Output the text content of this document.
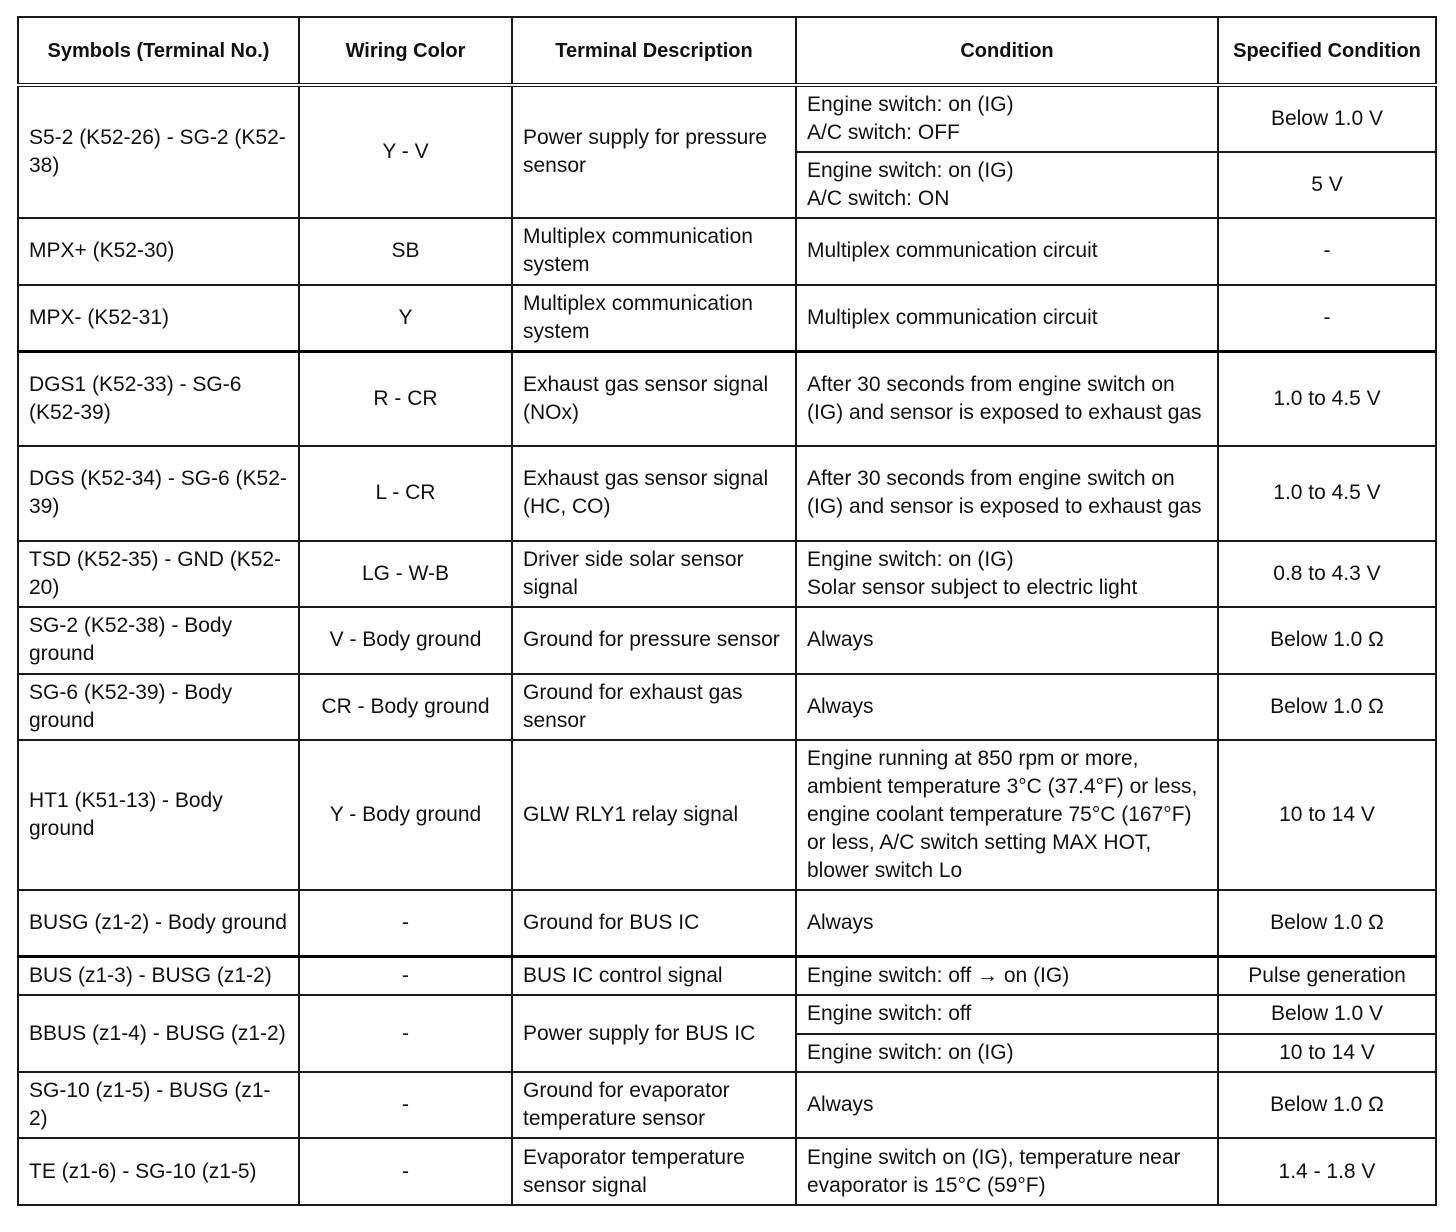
Symbols (Terminal No.)	Wiring Color	Terminal Description	Condition	Specified Condition
S5-2 (K52-26) - SG-2 (K52-38)	Y - V	Power supply for pressure sensor	Engine switch: on (IG)
A/C switch: OFF	Below 1.0 V

			Engine switch: on (IG)
A/C switch: ON	5 V
MPX+ (K52-30)	SB	Multiplex communication system	Multiplex communication circuit	-
MPX- (K52-31)	Y	Multiplex communication system	Multiplex communication circuit	-
DGS1 (K52-33) - SG-6 (K52-39)	R - CR	Exhaust gas sensor signal (NOx)	After 30 seconds from engine switch on (IG) and sensor is exposed to exhaust gas	1.0 to 4.5 V
DGS (K52-34) - SG-6 (K52-39)	L - CR	Exhaust gas sensor signal (HC, CO)	After 30 seconds from engine switch on (IG) and sensor is exposed to exhaust gas	1.0 to 4.5 V
TSD (K52-35) - GND (K52-20)	LG - W-B	Driver side solar sensor signal	Engine switch: on (IG)
Solar sensor subject to electric light	0.8 to 4.3 V
SG-2 (K52-38) - Body ground	V - Body ground	Ground for pressure sensor	Always	Below 1.0 Ω
SG-6 (K52-39) - Body ground	CR - Body ground	Ground for exhaust gas sensor	Always	Below 1.0 Ω
HT1 (K51-13) - Body ground	Y - Body ground	GLW RLY1 relay signal	Engine running at 850 rpm or more, ambient temperature 3°C (37.4°F) or less, engine coolant temperature 75°C (167°F) or less, A/C switch setting MAX HOT, blower switch Lo	10 to 14 V
BUSG (z1-2) - Body ground	-	Ground for BUS IC	Always	Below 1.0 Ω
BUS (z1-3) - BUSG (z1-2)	-	BUS IC control signal	Engine switch: off → on (IG)	Pulse generation
BBUS (z1-4) - BUSG (z1-2)	-	Power supply for BUS IC	Engine switch: off	Below 1.0 V
			Engine switch: on (IG)	10 to 14 V
SG-10 (z1-5) - BUSG (z1-2)	-	Ground for evaporator temperature sensor	Always	Below 1.0 Ω
TE (z1-6) - SG-10 (z1-5)	-	Evaporator temperature sensor signal	Engine switch on (IG), temperature near evaporator is 15°C (59°F)	1.4 - 1.8 V
